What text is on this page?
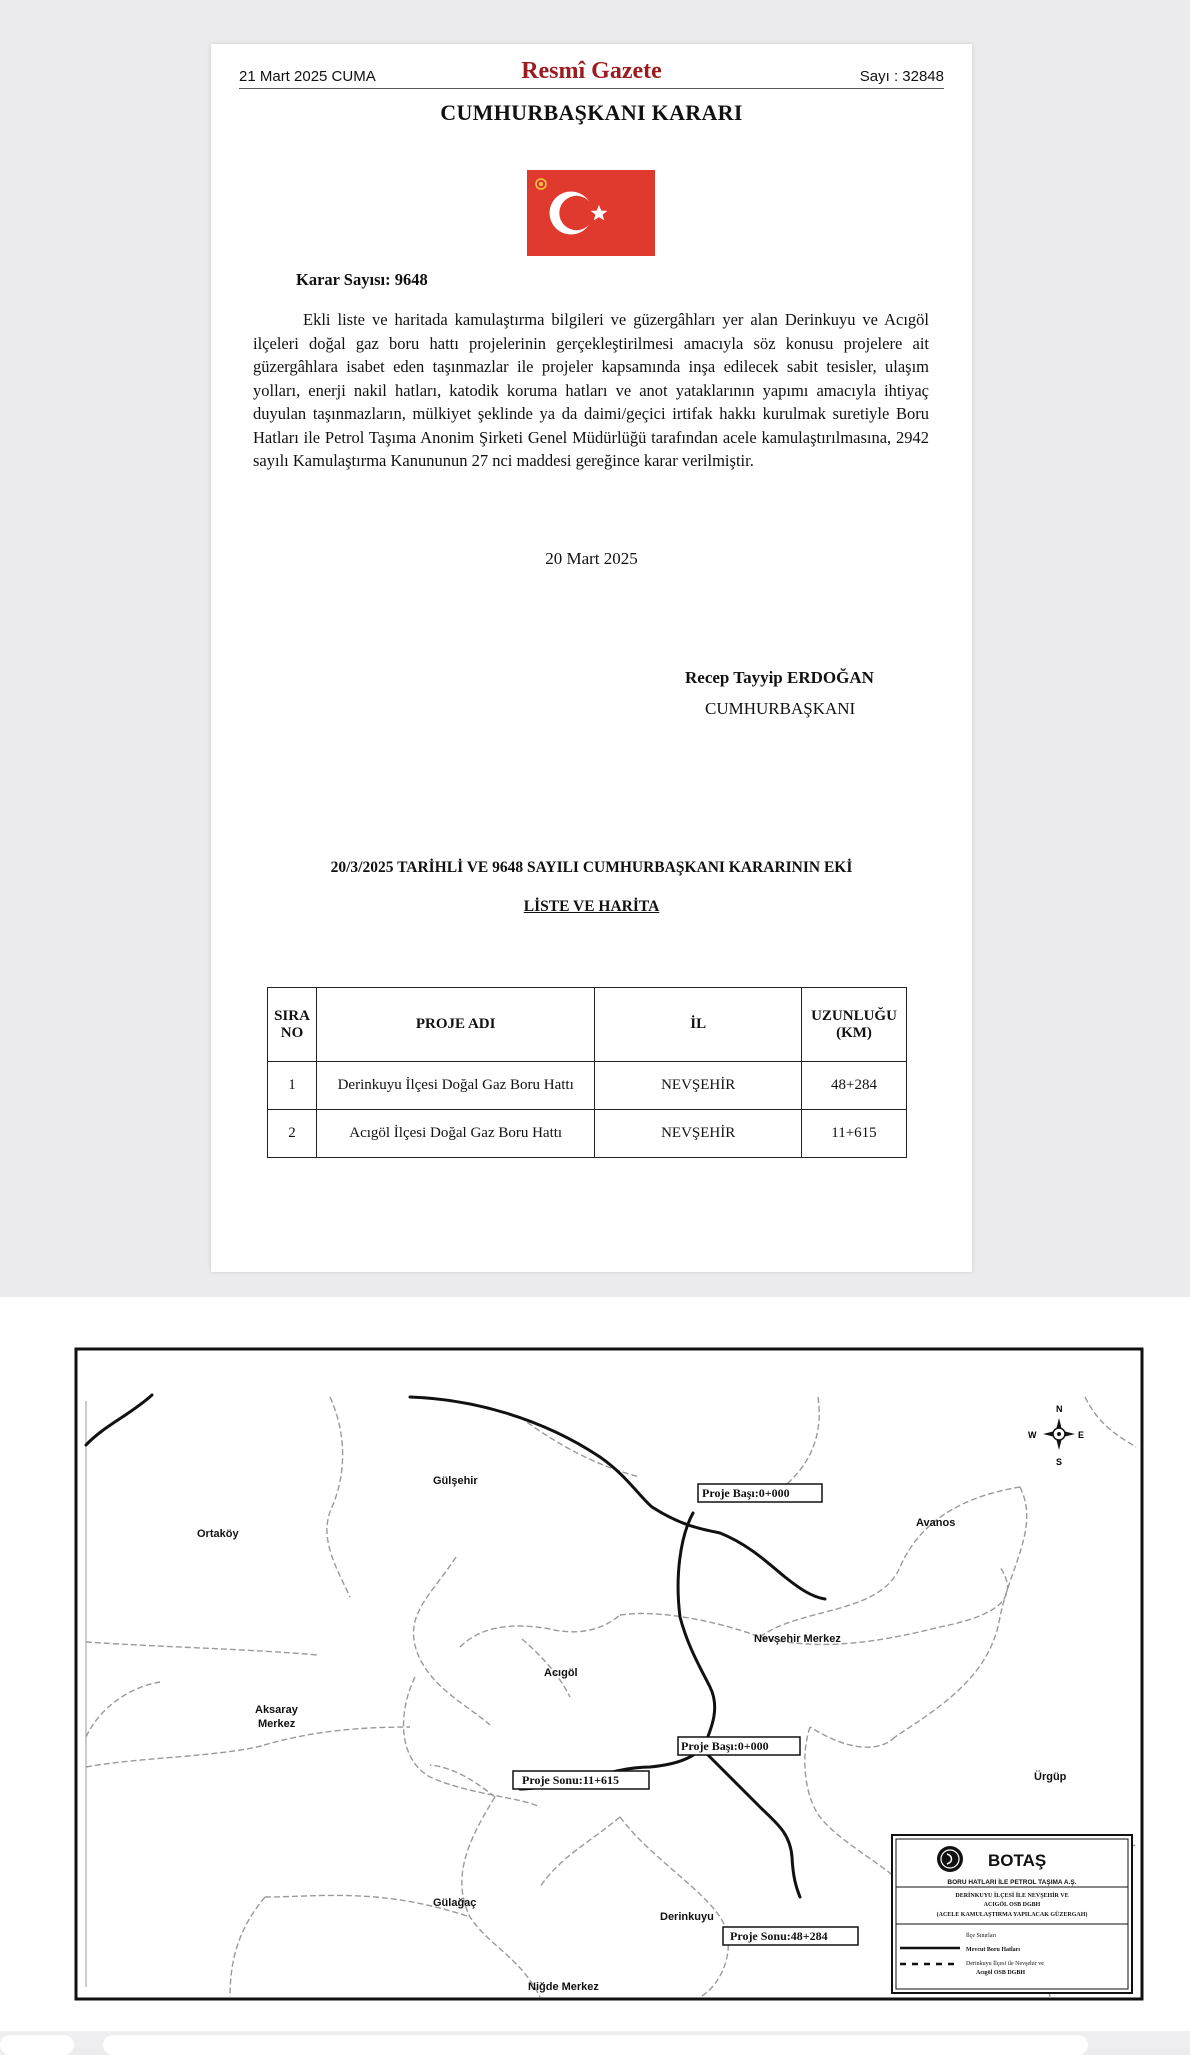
21 Mart 2025 CUMA	Resmî Gazete	Sayı : 32848
CUMHURBAŞKANI KARARI
Karar Sayısı: 9648
Ekli liste ve haritada kamulaştırma bilgileri ve güzergâhları yer alan Derinkuyu ve Acıgöl ilçeleri doğal gaz boru hattı projelerinin gerçekleştirilmesi amacıyla söz konusu projelere ait güzergâhlara isabet eden taşınmazlar ile projeler kapsamında inşa edilecek sabit tesisler, ulaşım yolları, enerji nakil hatları, katodik koruma hatları ve anot yataklarının yapımı amacıyla ihtiyaç duyulan taşınmazların, mülkiyet şeklinde ya da daimi/geçici irtifak hakkı kurulmak suretiyle Boru Hatları ile Petrol Taşıma Anonim Şirketi Genel Müdürlüğü tarafından acele kamulaştırılmasına, 2942 sayılı Kamulaştırma Kanununun 27 nci maddesi gereğince karar verilmiştir.
20 Mart 2025
Recep Tayyip ERDOĞAN
CUMHURBAŞKANI
20/3/2025 TARİHLİ VE 9648 SAYILI CUMHURBAŞKANI KARARININ EKİ
LİSTE VE HARİTA
SIRA NO	PROJE ADI	İL	UZUNLUĞU (KM)
1	Derinkuyu İlçesi Doğal Gaz Boru Hattı	NEVŞEHİR	48+284
2	Acıgöl İlçesi Doğal Gaz Boru Hattı	NEVŞEHİR	11+615
N
S
E
W
Gülşehir
Ortaköy
Avanos
Nevşehir Merkez
Acıgöl
Aksaray
Merkez
Ürgüp
Gülağaç
Derinkuyu
Niğde Merkez
Proje Başı:0+000
Proje Başı:0+000
Proje Sonu:11+615
Proje Sonu:48+284
BOTAŞ
BORU HATLARI İLE PETROL TAŞIMA A.Ş.
DERİNKUYU İLÇESİ İLE NEVŞEHİR VE
ACIGÖL OSB DGBH
(ACELE KAMULAŞTIRMA YAPILACAK GÜZERGAH)
İlçe Sınırları
Mevcut Boru Hatları
Derinkuyu İlçesi ile Nevşehir ve
Acıgöl OSB DGBH
